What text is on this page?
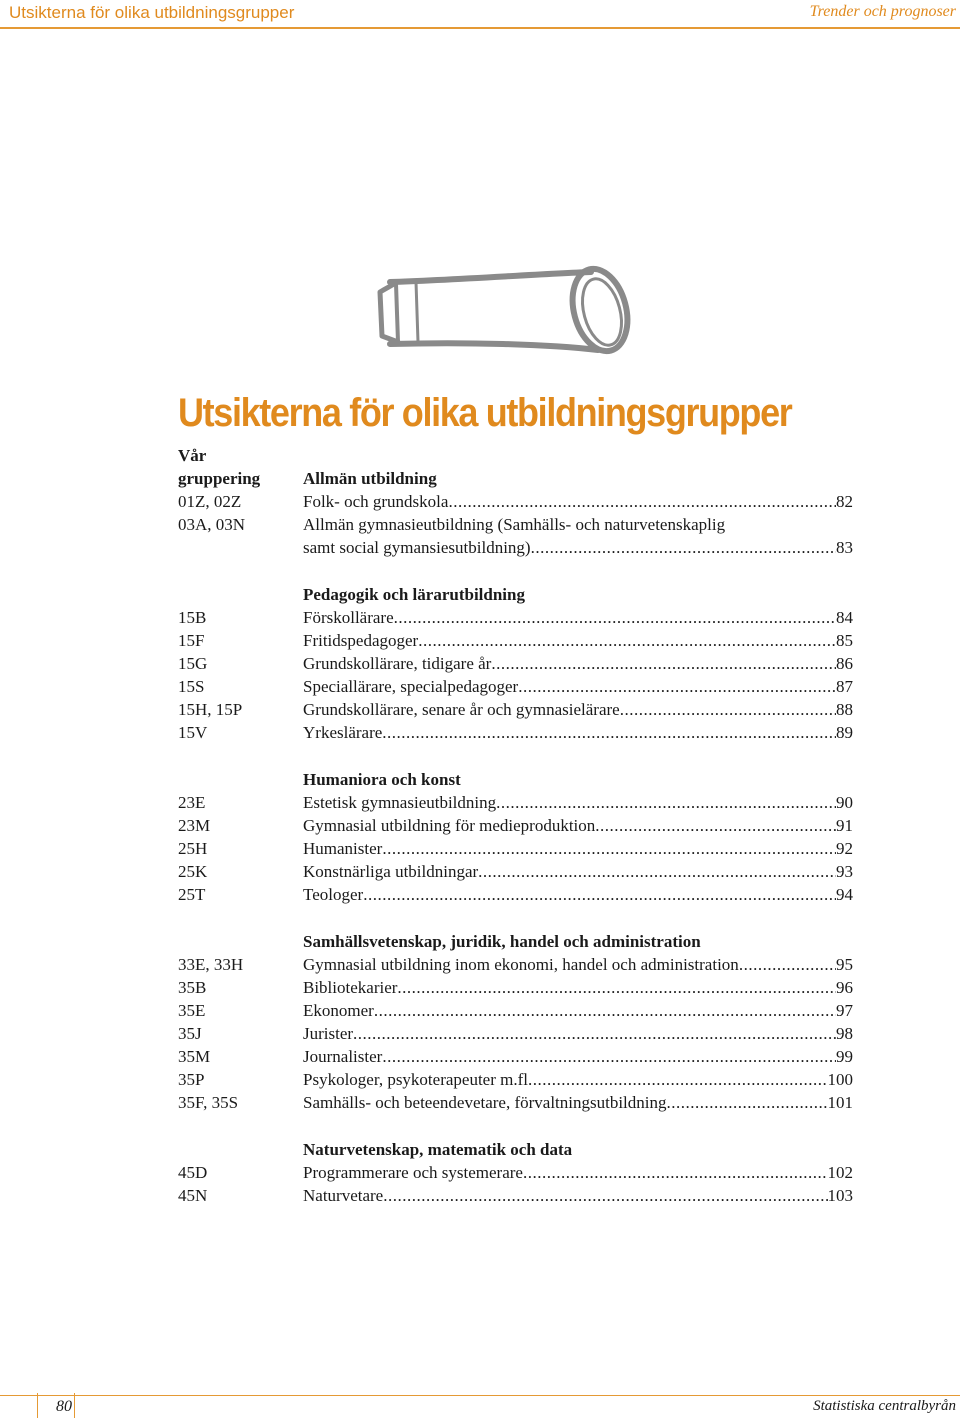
Utsikterna för olika utbildningsgrupper	Trender och prognoser
Utsikterna för olika utbildningsgrupper
Vår
gruppering	Allmän utbildning
01Z, 02Z	Folk- och grundskola .....	82
03A, 03N	Allmän gymnasieutbildning (Samhälls- och naturvetenskaplig
samt social gymansiesutbildning) .....	83
Pedagogik och lärarutbildning
15B	Förskollärare .....	84
15F	Fritidspedagoger .....	85
15G	Grundskollärare, tidigare år .....	86
15S	Speciallärare, specialpedagoger .....	87
15H, 15P	Grundskollärare, senare år och gymnasielärare .....	88
15V	Yrkeslärare .....	89
Humaniora och konst
23E	Estetisk gymnasieutbildning .....	90
23M	Gymnasial utbildning för medieproduktion .....	91
25H	Humanister .....	92
25K	Konstnärliga utbildningar .....	93
25T	Teologer .....	94
Samhällsvetenskap, juridik, handel och administration
33E, 33H	Gymnasial utbildning inom ekonomi, handel och administration .....	95
35B	Bibliotekarier .....	96
35E	Ekonomer .....	97
35J	Jurister .....	98
35M	Journalister .....	99
35P	Psykologer, psykoterapeuter m.fl .....	100
35F, 35S	Samhälls- och beteendevetare, förvaltningsutbildning .....	101
Naturvetenskap, matematik och data
45D	Programmerare och systemerare .....	102
45N	Naturvetare .....	103
80	Statistiska centralbyrån
